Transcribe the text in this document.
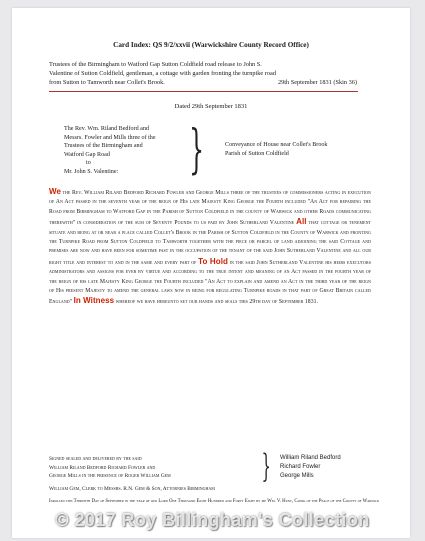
Card Index: QS 9/2/xxvii (Warwickshire County Record Office)
Trustees of the Birmingham to Watford Gap Sutton Coldfield road release to John S.
Valentine of Sutton Coldfield, gentleman, a cottage with garden fronting the turnpike road
from Sutton to Tamworth near Collet's Brook.	29th September 1831 (Skin 36)
Dated 29th September 1831
The Rev. Wm. Riland Bedford and
Messrs. Fowler and Mills three of the
Trustees of the Birmingham and
Watford Gap Road
to
Mr. John S. Valentine:	}	Conveyance of House near Collet's Brook
Parish of Sutton Coldfield
We the Rev. William Riland Bedford Richard Fowler and George Mills three of the trustees of commissioners acting in execution of An Act passed in the seventh year of the reign of His late Majesty King George the Fourth included "An Act for repairing the Road from Birmingham to Watford Gap in the Parish of Sutton Coldfield in the county of Warwick and other Roads communicating therewith" in consideration of the sum of Seventy Pounds to us paid by John Sutherland Valentine All that cottage or tenement situate and being at or near a place called Collet's Brook in the Parish of Sutton Coldfield in the County of Warwick and fronting the Turnpike Road from Sutton Coldfield to Tamworth together with the piece or parcel of land adjoining the said Cottage and premises are now and have been for sometime past in the occupation of the tenant of the said John Sutherland Valentine and all our right title and interest to and in the same and every part of To Hold in the said John Sutherland Valentine his heirs executors administrators and assigns for ever by virtue and according to the true intent and meaning of an Act passed in the fourth year of the reign of his late Majesty King George the Fourth included "An Act to explain and amend an Act in the third year of the reign of His present Majesty to amend the general laws now in being for regulating Turnpike roads in that part of Great Britain called England" In Witness whereof we have hereunto set our hands and seals this 29th day of September 1831.
Signed sealed and delivered by the said
William Riland Bedford Richard Fowler and
George Mills in the presence of Roger William Gem	} William Riland Bedford
Richard Fowler
George Mills
William Gem, Clerk to Messrs. R.N. Gem & Son, Attornies Birmingham
Inrolled this Thirtieth Day of September in the year of our Lord One Thousand Eight Hundred and Forty Eight by me Wm. V. Hunt, Clerk of the Peace of the County of Warwick
© 2017 Roy Billingham's Collection
